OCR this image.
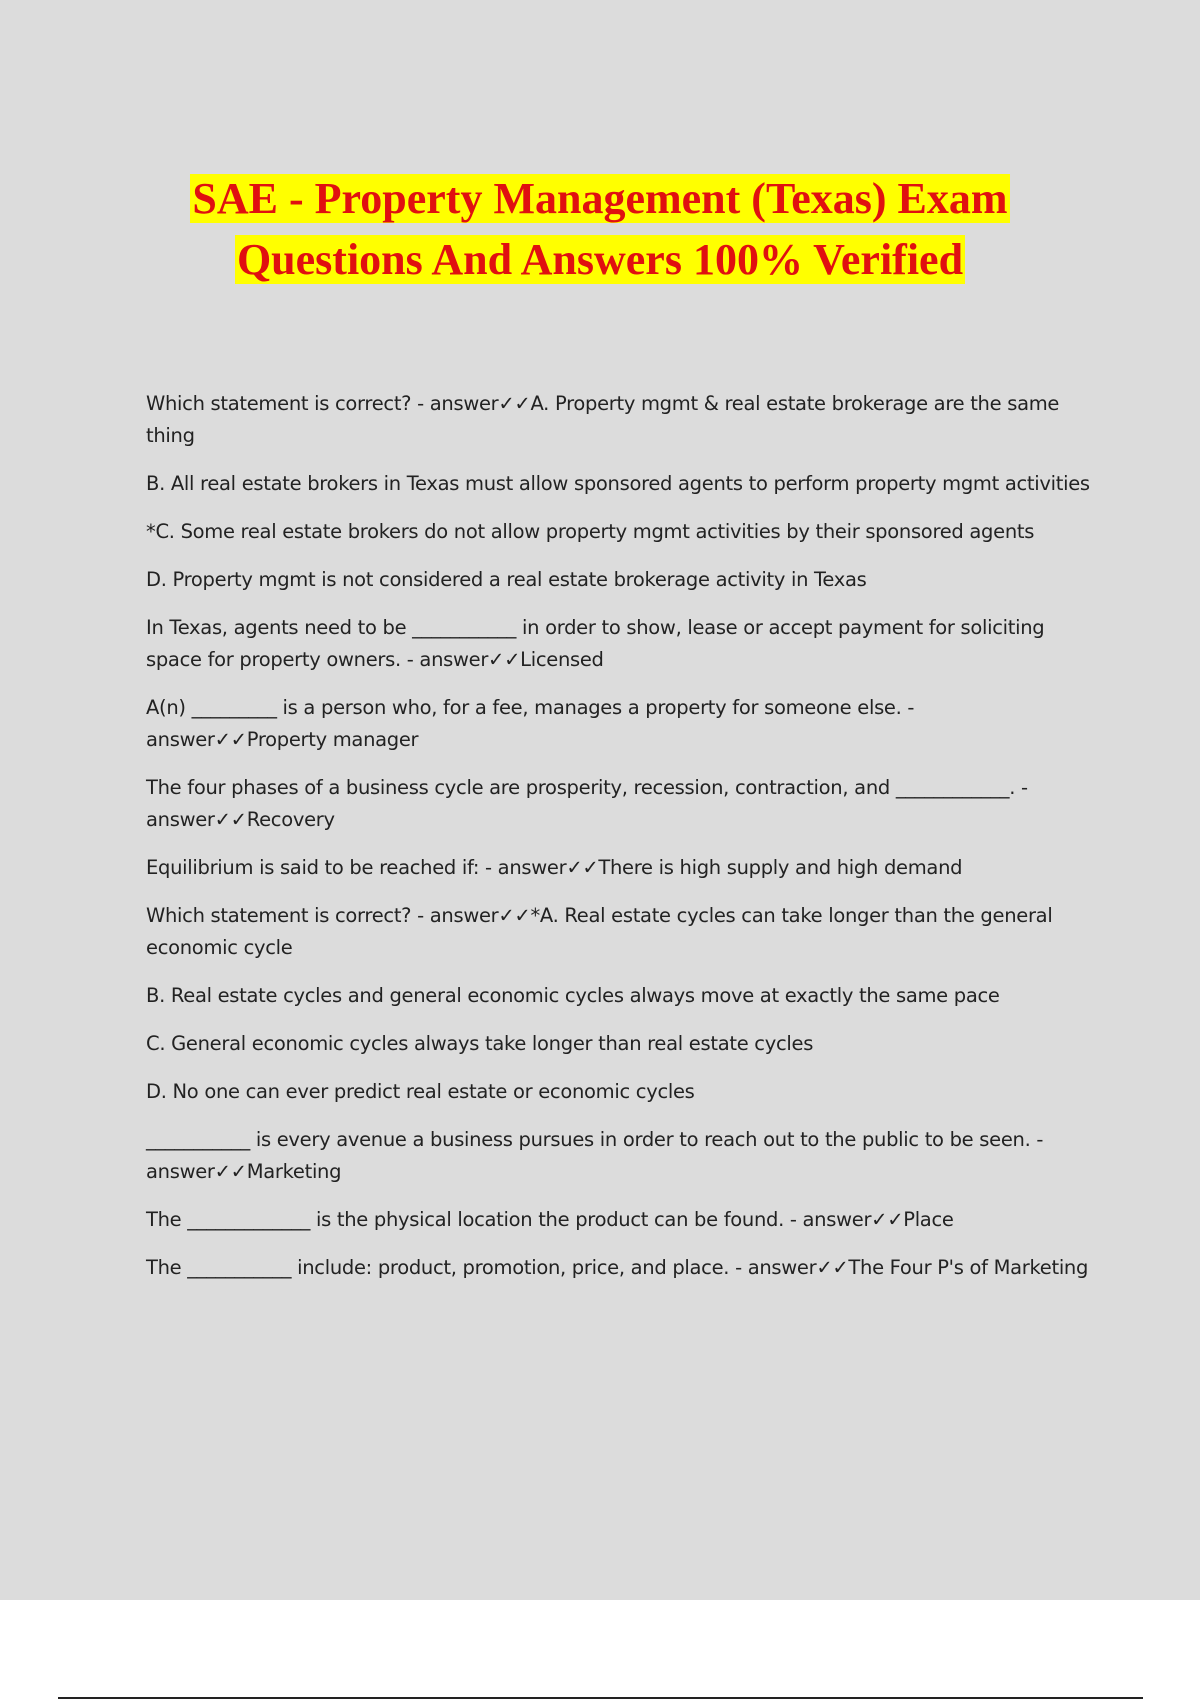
SAE - Property Management (Texas) Exam
Questions And Answers 100% Verified

Which statement is correct? - answer✓✓A. Property mgmt & real estate brokerage are the same thing

B. All real estate brokers in Texas must allow sponsored agents to perform property mgmt activities

*C. Some real estate brokers do not allow property mgmt activities by their sponsored agents

D. Property mgmt is not considered a real estate brokerage activity in Texas

In Texas, agents need to be ___________ in order to show, lease or accept payment for soliciting space for property owners. - answer✓✓Licensed

A(n) _________ is a person who, for a fee, manages a property for someone else. - answer✓✓Property manager

The four phases of a business cycle are prosperity, recession, contraction, and ____________. - answer✓✓Recovery

Equilibrium is said to be reached if: - answer✓✓There is high supply and high demand

Which statement is correct? - answer✓✓*A. Real estate cycles can take longer than the general economic cycle

B. Real estate cycles and general economic cycles always move at exactly the same pace

C. General economic cycles always take longer than real estate cycles

D. No one can ever predict real estate or economic cycles

___________ is every avenue a business pursues in order to reach out to the public to be seen. - answer✓✓Marketing

The _____________ is the physical location the product can be found. - answer✓✓Place

The ___________ include: product, promotion, price, and place. - answer✓✓The Four P's of Marketing
